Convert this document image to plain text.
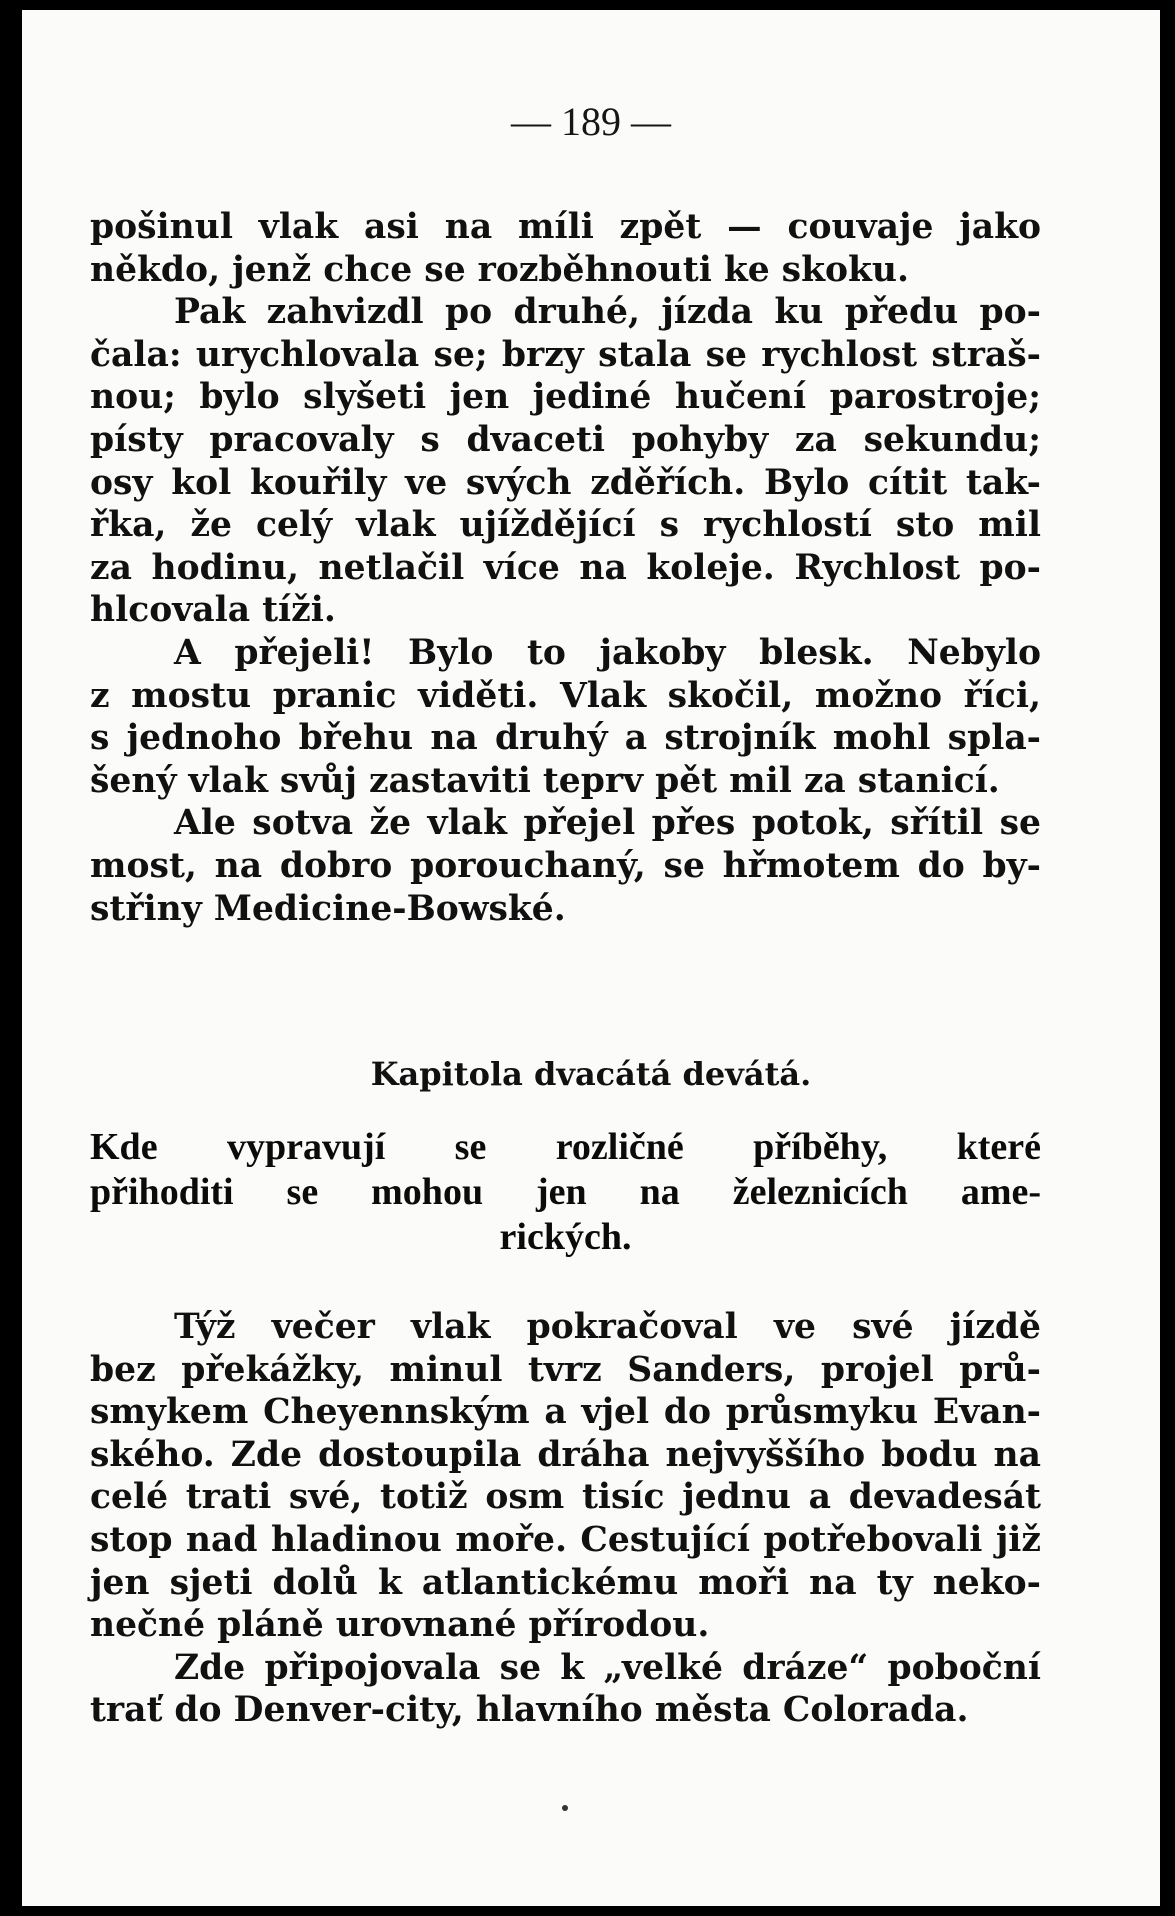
— 189 —

pošinul vlak asi na míli zpět — couvaje jako
někdo, jenž chce se rozběhnouti ke skoku.

Pak zahvizdl po druhé, jízda ku předu po-
čala: urychlovala se; brzy stala se rychlost straš-
nou; bylo slyšeti jen jediné hučení parostroje;
písty pracovaly s dvaceti pohyby za sekundu;
osy kol kouřily ve svých zděřích. Bylo cítit tak-
řka, že celý vlak ujíždějící s rychlostí sto mil
za hodinu, netlačil více na koleje. Rychlost po-
hlcovala tíži.

A přejeli! Bylo to jakoby blesk. Nebylo
z mostu pranic viděti. Vlak skočil, možno říci,
s jednoho břehu na druhý a strojník mohl spla-
šený vlak svůj zastaviti teprv pět mil za stanicí.

Ale sotva že vlak přejel přes potok, sřítil se
most, na dobro porouchaný, se hřmotem do by-
střiny Medicine-Bowské.

Kapitola dvacátá devátá.
Kde vypravují se rozličné příběhy, které
přihoditi se mohou jen na železnicích ame-
rických.

Týž večer vlak pokračoval ve své jízdě
bez překážky, minul tvrz Sanders, projel prů-
smykem Cheyennským a vjel do průsmyku Evan-
ského. Zde dostoupila dráha nejvyššího bodu na
celé trati své, totiž osm tisíc jednu a devadesát
stop nad hladinou moře. Cestující potřebovali již
jen sjeti dolů k atlantickému moři na ty neko-
nečné pláně urovnané přírodou.

Zde připojovala se k „velké dráze“ poboční
trať do Denver-city, hlavního města Colorada.
